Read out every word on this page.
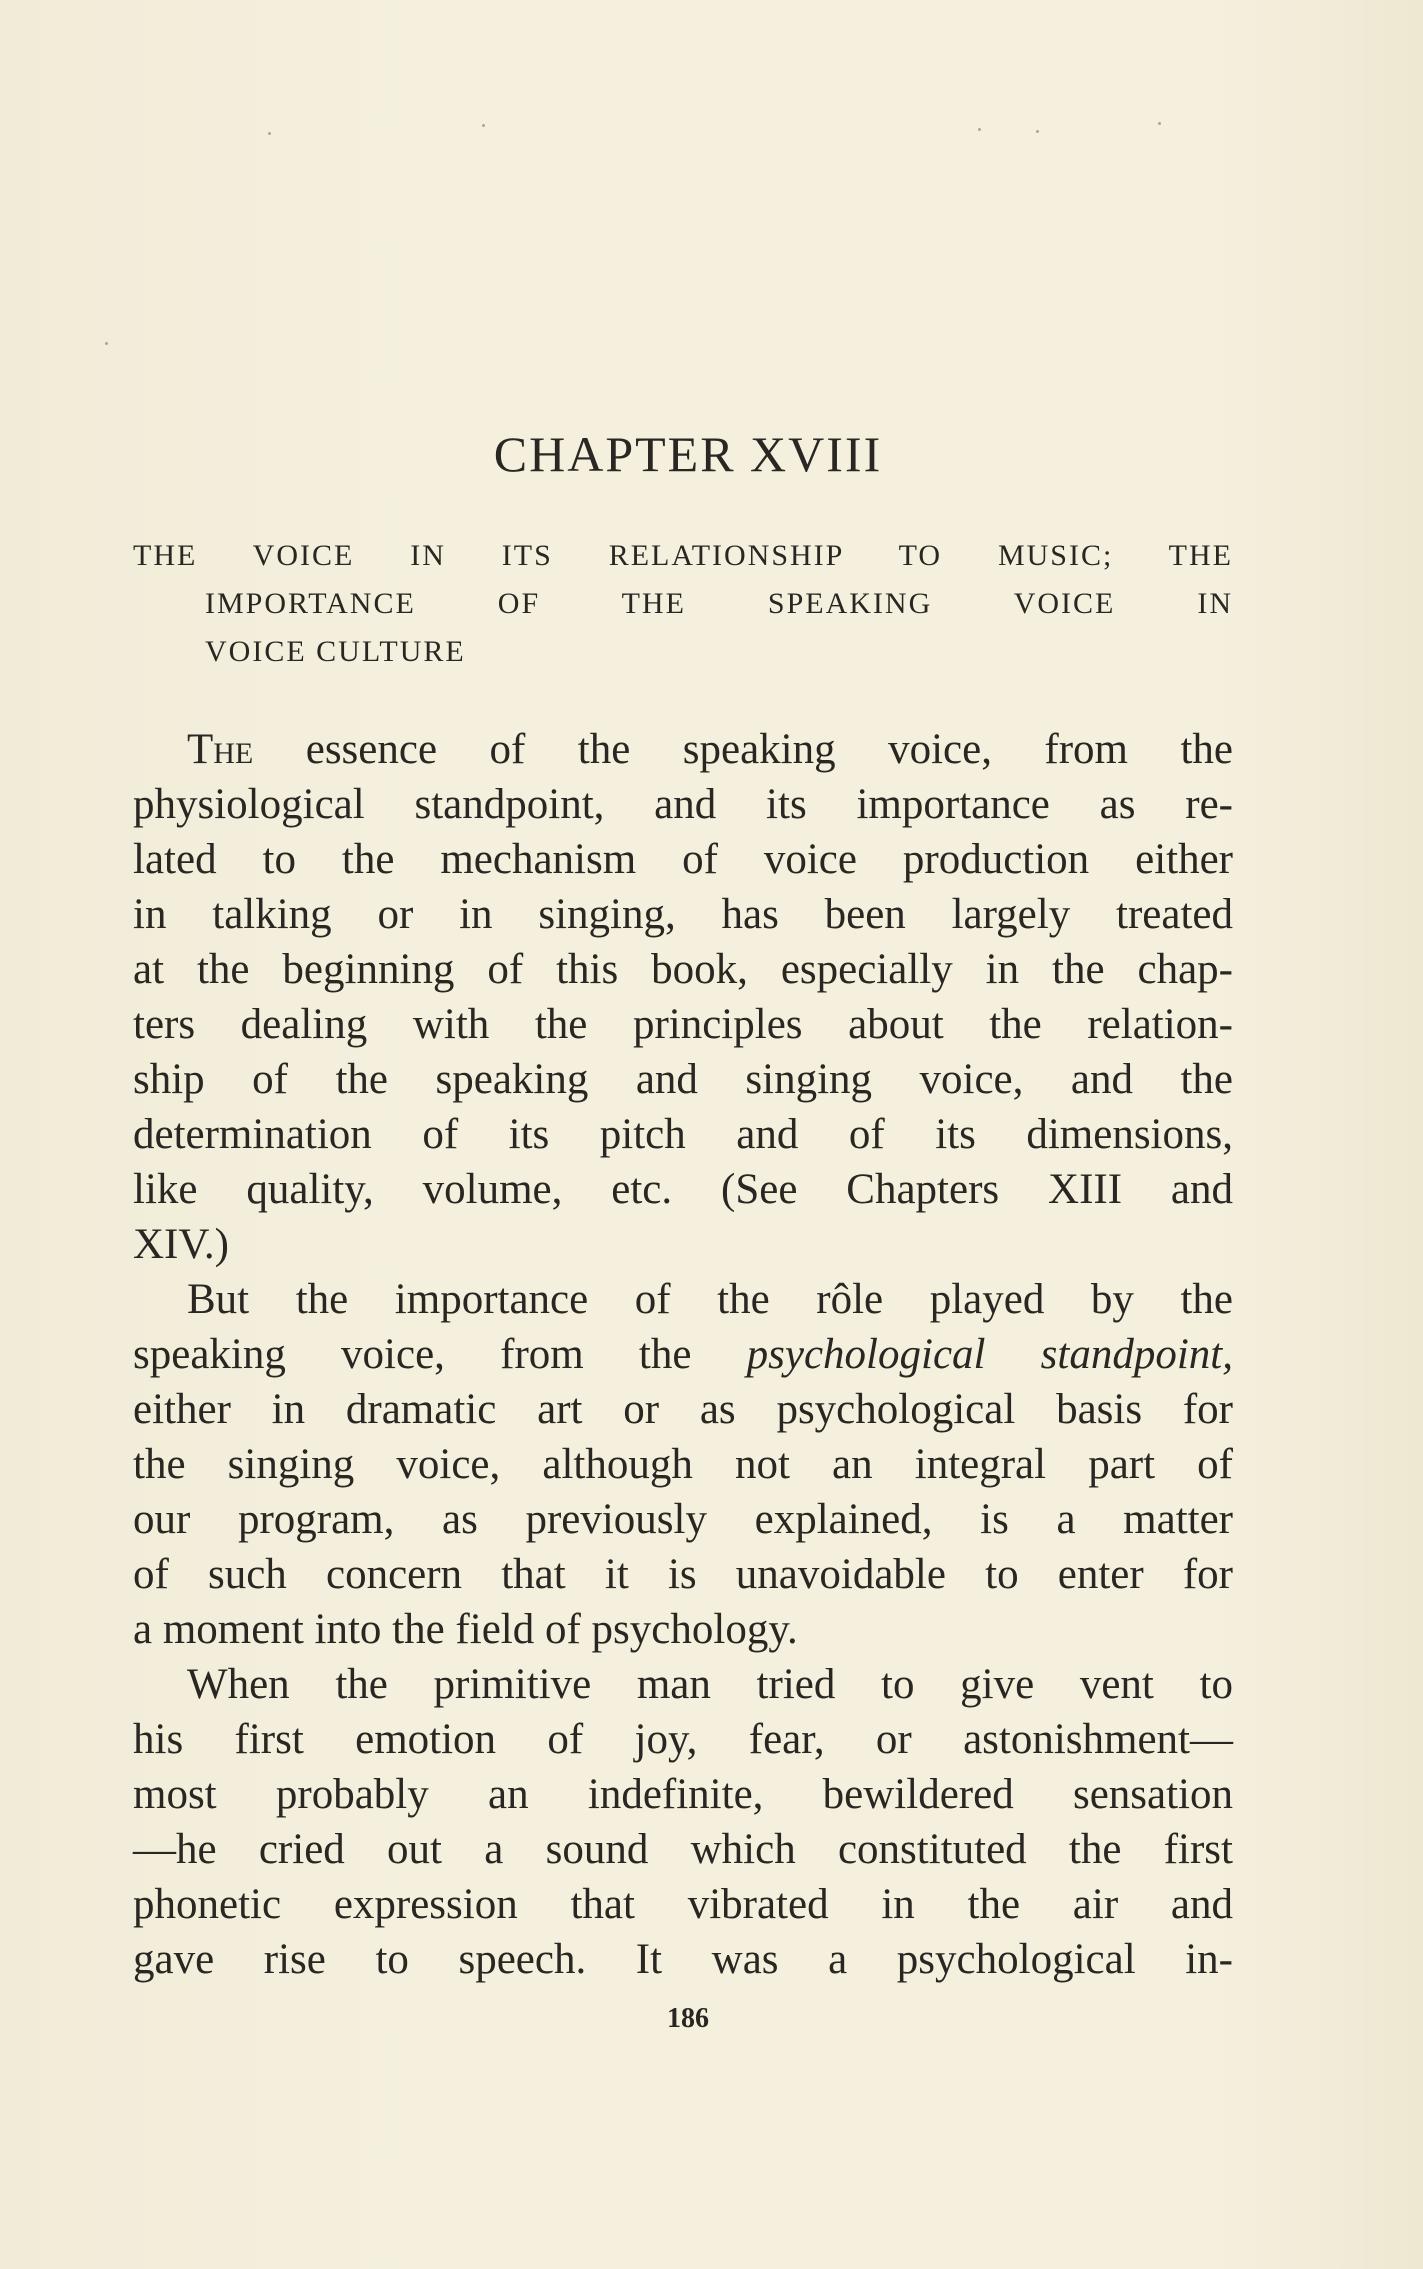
CHAPTER XVIII
THE VOICE IN ITS RELATIONSHIP TO MUSIC; THE
IMPORTANCE OF THE SPEAKING VOICE IN
VOICE CULTURE
The essence of the speaking voice, from the
physiological standpoint, and its importance as re-
lated to the mechanism of voice production either
in talking or in singing, has been largely treated
at the beginning of this book, especially in the chap-
ters dealing with the principles about the relation-
ship of the speaking and singing voice, and the
determination of its pitch and of its dimensions,
like quality, volume, etc. (See Chapters XIII and
XIV.)
But the importance of the rôle played by the
speaking voice, from the psychological standpoint,
either in dramatic art or as psychological basis for
the singing voice, although not an integral part of
our program, as previously explained, is a matter
of such concern that it is unavoidable to enter for
a moment into the field of psychology.
When the primitive man tried to give vent to
his first emotion of joy, fear, or astonishment—
most probably an indefinite, bewildered sensation
—he cried out a sound which constituted the first
phonetic expression that vibrated in the air and
gave rise to speech. It was a psychological in-
186
